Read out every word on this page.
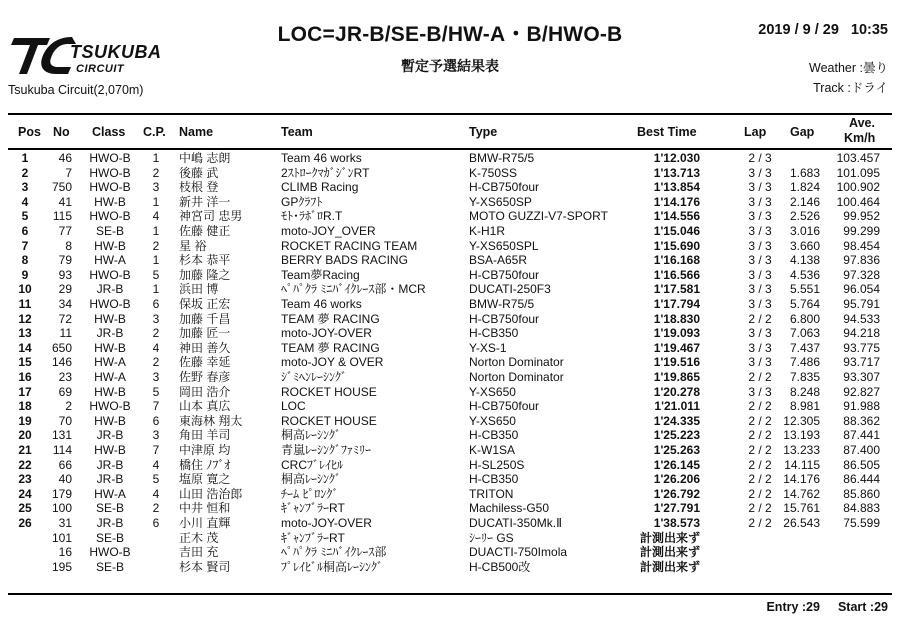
TSUKUBA
CIRCUIT
Tsukuba Circuit(2,070m)
LOC=JR-B/SE-B/HW-A・B/HWO-B
暫定予選結果表
2019 / 9 / 29 10:35
Weather :曇り
Track :ドライ
Pos No Class C.P. Name	Team	Type	Best Time	Lap Gap
Ave.
Km/h
1	46	HWO-B	1	中嶋 志朗	Team 46 works	BMW-R75/5	1'12.030	2 / 3	103.457
2	7	HWO-B	2	後藤 武	2ｽﾄﾛｰｸﾏｶﾞｼﾞﾝRT	K-750SS	1'13.713	3 / 3	1.683	101.095
3	750	HWO-B	3	枝根 登	CLIMB Racing	H-CB750four	1'13.854	3 / 3	1.824	100.902
4	41	HW-B	1	新井 洋一	GPｸﾗﾌﾄ	Y-XS650SP	1'14.176	3 / 3	2.146	100.464
5	115	HWO-B	4	神宮司 忠男	ﾓﾄ･ﾗﾎﾞﾛR.T	MOTO GUZZI-V7-SPORT	1'14.556	3 / 3	2.526	99.952
6	77	SE-B	1	佐藤 健正	moto-JOY_OVER	K-H1R	1'15.046	3 / 3	3.016	99.299
7	8	HW-B	2	星 裕	ROCKET RACING TEAM	Y-XS650SPL	1'15.690	3 / 3	3.660	98.454
8	79	HW-A	1	杉本 恭平	BERRY BADS RACING	BSA-A65R	1'16.168	3 / 3	4.138	97.836
9	93	HWO-B	5	加藤 隆之	Team夢Racing	H-CB750four	1'16.566	3 / 3	4.536	97.328
10	29	JR-B	1	浜田 博	ﾍﾟﾊﾟｸﾗ ﾐﾆﾊﾞｲｸﾚｰｽ部・MCR	DUCATI-250F3	1'17.581	3 / 3	5.551	96.054
11	34	HWO-B	6	保坂 正宏	Team 46 works	BMW-R75/5	1'17.794	3 / 3	5.764	95.791
12	72	HW-B	3	加藤 千昌	TEAM 夢 RACING	H-CB750four	1'18.830	2 / 2	6.800	94.533
13	11	JR-B	2	加藤 匠一	moto-JOY-OVER	H-CB350	1'19.093	3 / 3	7.063	94.218
14	650	HW-B	4	神田 善久	TEAM 夢 RACING	Y-XS-1	1'19.467	3 / 3	7.437	93.775
15	146	HW-A	2	佐藤 幸延	moto-JOY & OVER	Norton Dominator	1'19.516	3 / 3	7.486	93.717
16	23	HW-A	3	佐野 春彦	ｼﾞﾐﾍﾝﾚｰｼﾝｸﾞ	Norton Dominator	1'19.865	2 / 2	7.835	93.307
17	69	HW-B	5	岡田 浩介	ROCKET HOUSE	Y-XS650	1'20.278	3 / 3	8.248	92.827
18	2	HWO-B	7	山本 真広	LOC	H-CB750four	1'21.011	2 / 2	8.981	91.988
19	70	HW-B	6	東海林 翔太	ROCKET HOUSE	Y-XS650	1'24.335	2 / 2 12.305	88.362
20	131	JR-B	3	角田 羊司	桐高ﾚｰｼﾝｸﾞ	H-CB350	1'25.223	2 / 2 13.193	87.441
21	114	HW-B	7	中津原 均	青嵐ﾚｰｼﾝｸﾞﾌｧﾐﾘｰ	K-W1SA	1'25.263	2 / 2 13.233	87.400
22	66	JR-B	4	橋住 ﾉﾌﾞｵ	CRCﾌﾞﾚｲﾋﾙ	H-SL250S	1'26.145	2 / 2	14.115	86.505
23	40	JR-B	5	塩原 寛之	桐高ﾚｰｼﾝｸﾞ	H-CB350	1'26.206	2 / 2 14.176	86.444
24	179	HW-A	4	山田 浩治郎	ﾁｰﾑ ﾋﾟﾛﾝｸﾞ	TRITON	1'26.792	2 / 2 14.762	85.860
25	100	SE-B	2	中井 恒和	ｷﾞｬﾝﾌﾞﾗｰRT	Machiless-G50	1'27.791	2 / 2 15.761	84.883
26	31	JR-B	6	小川 直輝	moto-JOY-OVER	DUCATI-350Mk.Ⅱ	1'38.573	2 / 2 26.543	75.599
101	SE-B	正木 茂	ｷﾞｬﾝﾌﾞﾗｰRT	ｼｰﾘｰ GS	計測出来ず
16	HWO-B	吉田 充	ﾍﾟﾊﾟｸﾗ ﾐﾆﾊﾞｲｸﾚｰｽ部	DUACTI-750Imola	計測出来ず
195	SE-B	杉本 賢司	ﾌﾟﾚｲﾋﾞﾙ桐高ﾚｰｼﾝｸﾞ	H-CB500改	計測出来ず
Entry :29 Start :29
